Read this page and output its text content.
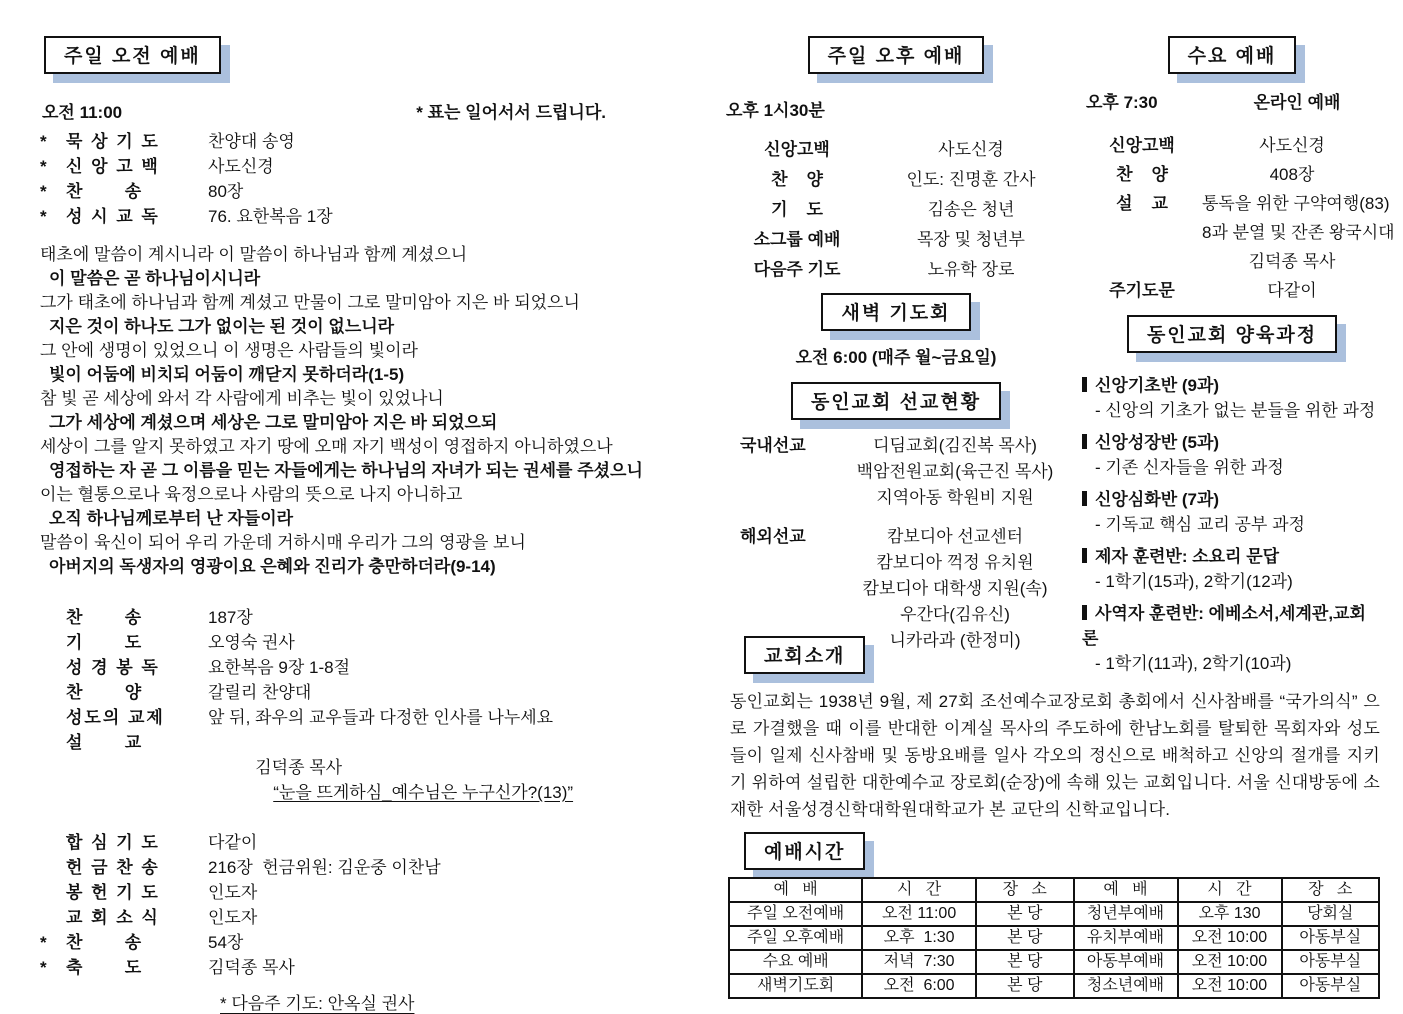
주일 오전 예배
오전 11:00	* 표는 일어서서 드립니다.
*	묵 상 기 도	찬양대 송영
*	신 앙 고 백	사도신경
*	찬      송	80장
*	성 시 교 독	76. 요한복음 1장
태초에 말씀이 계시니라 이 말씀이 하나님과 함께 계셨으니
이 말씀은 곧 하나님이시니라
그가 태초에 하나님과 함께 계셨고 만물이 그로 말미암아 지은 바 되었으니
지은 것이 하나도 그가 없이는 된 것이 없느니라
그 안에 생명이 있었으니 이 생명은 사람들의 빛이라
빛이 어둠에 비치되 어둠이 깨닫지 못하더라(1-5)
참 빛 곧 세상에 와서 각 사람에게 비추는 빛이 있었나니
그가 세상에 계셨으며 세상은 그로 말미암아 지은 바 되었으되
세상이 그를 알지 못하였고 자기 땅에 오매 자기 백성이 영접하지 아니하였으나
영접하는 자 곧 그 이름을 믿는 자들에게는 하나님의 자녀가 되는 권세를 주셨으니
이는 혈통으로나 육정으로나 사람의 뜻으로 나지 아니하고
오직 하나님께로부터 난 자들이라
말씀이 육신이 되어 우리 가운데 거하시매 우리가 그의 영광을 보니
아버지의 독생자의 영광이요 은혜와 진리가 충만하더라(9-14)
찬      송	187장
기      도	오영숙 권사
성 경 봉 독	요한복음 9장 1-8절
찬      양	갈릴리 찬양대
성도의 교제	앞 뒤, 좌우의 교우들과 다정한 인사를 나누세요
설      교

김덕종 목사
“눈을 뜨게하심_예수님은 누구신가?(13)”

합 심 기 도	다같이
헌 금 찬 송	216장  헌금위원: 김운중 이찬남
봉 헌 기 도	인도자
교 회 소 식	인도자
*	찬      송	54장
*	축      도	김덕종 목사
* 다음주 기도: 안옥실 권사
주일 오후 예배
오후 1시30분
신앙고백	사도신경
찬    양	인도: 진명훈 간사
기    도	김송은 청년
소그룹 예배	목장 및 청년부
다음주 기도	노유학 장로
새벽 기도회
오전 6:00 (매주 월~금요일)
동인교회 선교현황
국내선교	디딤교회(김진복 목사)
백암전원교회(육근진 목사)
지역아동 학원비 지원
해외선교	캄보디아 선교센터
캄보디아 꺽정 유치원
캄보디아 대학생 지원(속)
우간다(김유신)
니카라과 (한정미)
수요 예배
오후 7:30	온라인 예배
신앙고백	사도신경
찬    양	408장
설    교	통독을 위한 구약여행(83)
8과 분열 및 잔존 왕국시대
김덕종 목사
주기도문	다같이
동인교회 양육과정
신앙기초반 (9과)
- 신앙의 기초가 없는 분들을 위한 과정
신앙성장반 (5과)
- 기존 신자들을 위한 과정
신앙심화반 (7과)
- 기독교 핵심 교리 공부 과정
제자 훈련반: 소요리 문답
- 1학기(15과), 2학기(12과)
사역자 훈련반: 에베소서,세계관,교회론
- 1학기(11과), 2학기(10과)
교회소개

동인교회는 1938년 9월, 제 27회 조선예수교장로회 총회에서 신사참배를 “국가의식” 으로 가결했을 때 이를 반대한 이계실 목사의 주도하에 한남노회를 탈퇴한 목회자와 성도들이 일제 신사참배 및 동방요배를 일사 각오의 정신으로 배척하고 신앙의 절개를 지키기 위하여 설립한 대한예수교 장로회(순장)에 속해 있는 교회입니다. 서울 신대방동에 소재한 서울성경신학대학원대학교가 본 교단의 신학교입니다.

예배시간
예   배	시   간	장   소	예   배	시   간	장   소
주일 오전예배	오전 11:00	본 당	청년부예배	오후 130	당회실
주일 오후예배	오후  1:30	본 당	유치부예배	오전 10:00	아동부실
수요 예배	저녁  7:30	본 당	아동부예배	오전 10:00	아동부실
새벽기도회	오전  6:00	본 당	청소년예배	오전 10:00	아동부실
